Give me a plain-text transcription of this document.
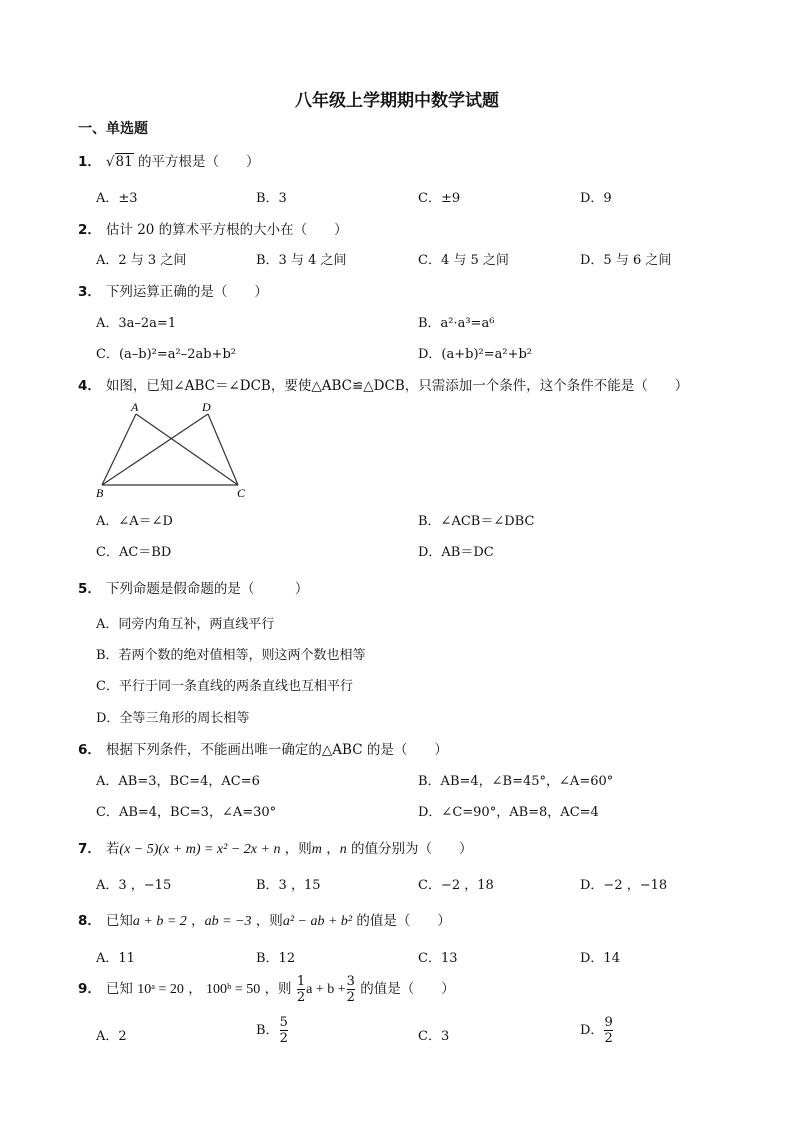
八年级上学期期中数学试题
一、单选题
1． √81 的平方根是（　　）
A．±3	B．3	C．±9	D．9
2． 估计 20 的算术平方根的大小在（　　）
A．2 与 3 之间	B．3 与 4 之间	C．4 与 5 之间	D．5 与 6 之间
3． 下列运算正确的是（　　）
A．3a–2a=1	B．a²·a³=a⁶
C．(a–b)²=a²–2ab+b²	D．(a+b)²=a²+b²
4． 如图，已知∠ABC＝∠DCB，要使△ABC≌△DCB，只需添加一个条件，这个条件不能是（　　）
A	D
B	C
A．∠A＝∠D	B．∠ACB＝∠DBC
C．AC＝BD	D．AB＝DC
5． 下列命题是假命题的是（　　　）
A．同旁内角互补，两直线平行
B．若两个数的绝对值相等，则这两个数也相等
C．平行于同一条直线的两条直线也互相平行
D．全等三角形的周长相等
6． 根据下列条件，不能画出唯一确定的△ABC 的是（　　）
A．AB=3，BC=4，AC=6	B．AB=4，∠B=45°，∠A=60°
C．AB=4，BC=3，∠A=30°	D．∠C=90°，AB=8，AC=4
7． 若(x − 5)(x + m) = x² − 2x + n ，则m ，n 的值分别为（　　）
A．3 ，−15	B．3 ，15	C．−2 ，18	D．−2 ，−18
8． 已知a + b = 2 ，ab = −3 ，则a² − ab + b² 的值是（　　）
A．11	B．12	C．13	D．14
9． 已知 10ᵃ = 20 ， 100ᵇ = 50 ，则 $\frac{1}{2}$ $a + b + \frac{3}{2}$ 的值是（　　）
A．2	B． $\frac{5}{2}$	C．3	D． $\frac{9}{2}$
